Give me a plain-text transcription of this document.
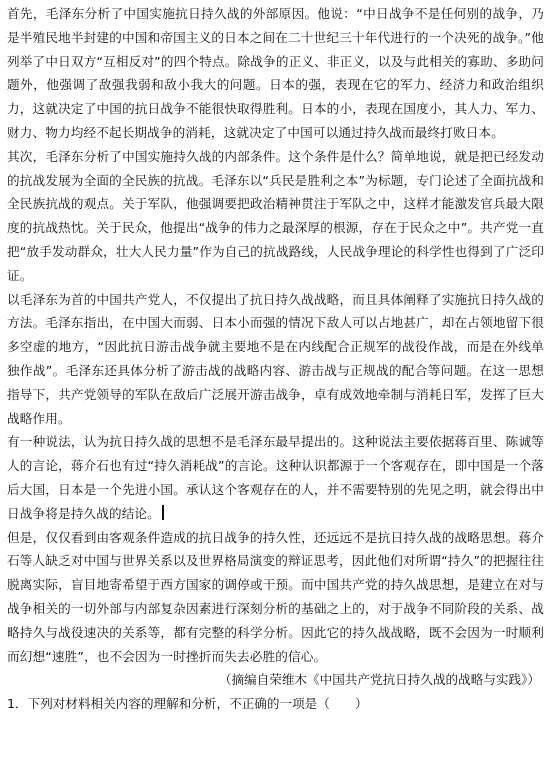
首先，毛泽东分析了中国实施抗日持久战的外部原因。他说：“中日战争不是任何别的战争，乃是半殖民地半封建的中国和帝国主义的日本之间在二十世纪三十年代进行的一个决死的战争。”他列举了中日双方“互相反对”的四个特点。除战争的正义、非正义，以及与此相关的寡助、多助问题外，他强调了敌强我弱和敌小我大的问题。日本的强，表现在它的军力、经济力和政治组织力，这就决定了中国的抗日战争不能很快取得胜利。日本的小，表现在国度小，其人力、军力、财力、物力均经不起长期战争的消耗，这就决定了中国可以通过持久战而最终打败日本。

其次，毛泽东分析了中国实施持久战的内部条件。这个条件是什么？简单地说，就是把已经发动的抗战发展为全面的全民族的抗战。毛泽东以“兵民是胜利之本”为标题，专门论述了全面抗战和全民族抗战的观点。关于军队，他强调要把政治精神贯注于军队之中，这样才能激发官兵最大限度的抗战热忱。关于民众，他提出“战争的伟力之最深厚的根源，存在于民众之中”。共产党一直把“放手发动群众，壮大人民力量”作为自己的抗战路线，人民战争理论的科学性也得到了广泛印证。

以毛泽东为首的中国共产党人，不仅提出了抗日持久战战略，而且具体阐释了实施抗日持久战的方法。毛泽东指出，在中国大而弱、日本小而强的情况下敌人可以占地甚广，却在占领地留下很多空虚的地方，“因此抗日游击战争就主要地不是在内线配合正规军的战役作战，而是在外线单独作战”。毛泽东还具体分析了游击战的战略内容、游击战与正规战的配合等问题。在这一思想指导下，共产党领导的军队在敌后广泛展开游击战争，卓有成效地牵制与消耗日军，发挥了巨大战略作用。

有一种说法，认为抗日持久战的思想不是毛泽东最早提出的。这种说法主要依据蒋百里、陈诚等人的言论，蒋介石也有过“持久消耗战”的言论。这种认识都源于一个客观存在，即中国是一个落后大国，日本是一个先进小国。承认这个客观存在的人，并不需要特别的先见之明，就会得出中日战争将是持久战的结论。

但是，仅仅看到由客观条件造成的抗日战争的持久性，还远远不是抗日持久战的战略思想。蒋介石等人缺乏对中国与世界关系以及世界格局演变的辩证思考，因此他们对所谓“持久”的把握往往脱离实际，盲目地寄希望于西方国家的调停或干预。而中国共产党的持久战思想，是建立在对与战争相关的一切外部与内部复杂因素进行深刻分析的基础之上的，对于战争不同阶段的关系、战略持久与战役速决的关系等，都有完整的科学分析。因此它的持久战战略，既不会因为一时顺利而幻想“速胜”，也不会因为一时挫折而失去必胜的信心。

（摘编自荣维木《中国共产党抗日持久战的战略与实践》）

1．下列对材料相关内容的理解和分析，不正确的一项是（　　）
